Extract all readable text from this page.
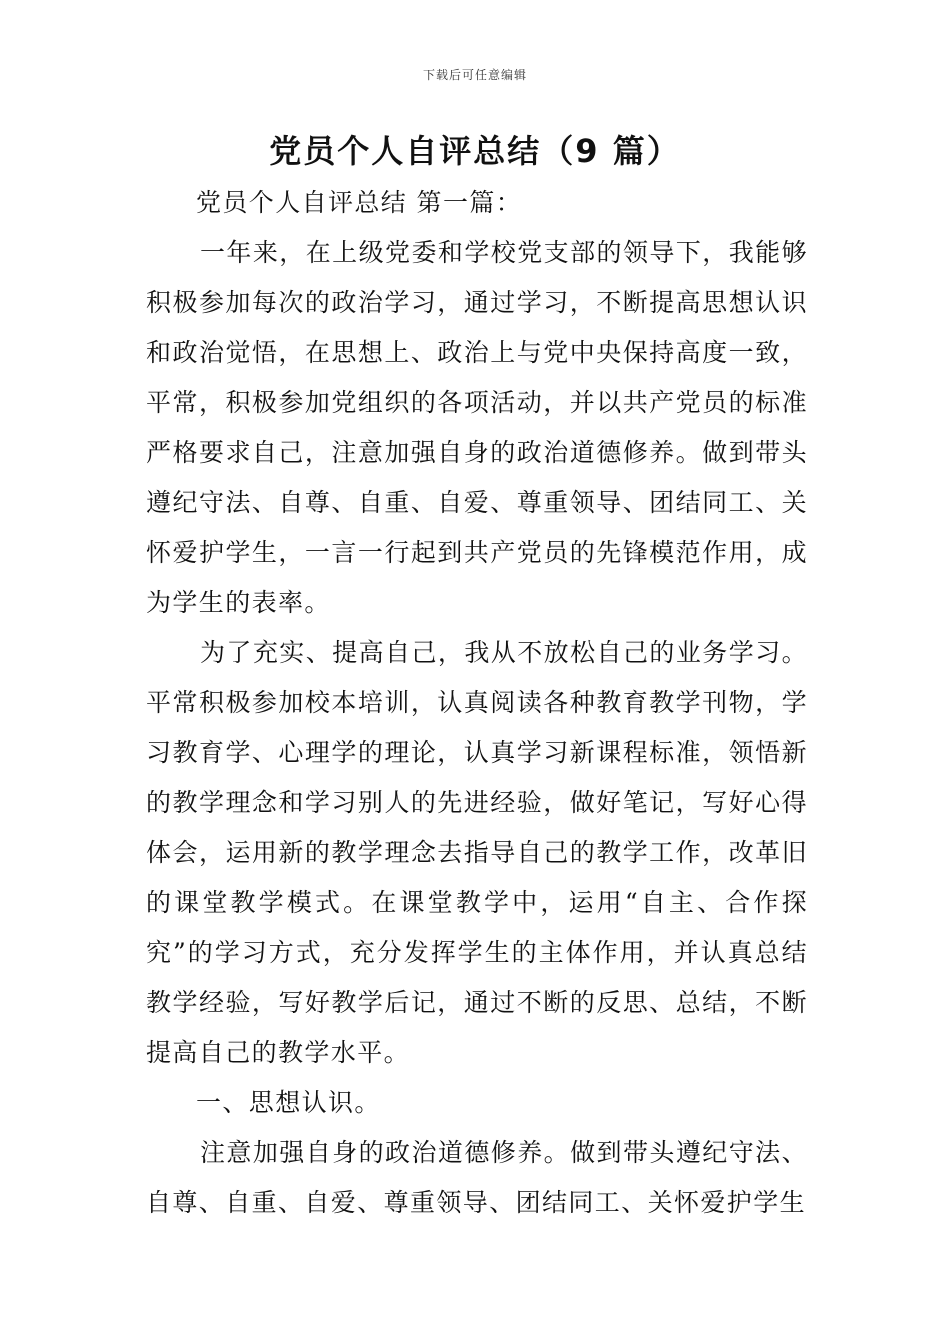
下载后可任意编辑
党员个人自评总结（9 篇）

党员个人自评总结 第一篇：

一年来，在上级党委和学校党支部的领导下，我能够积极参加每次的政治学习，通过学习，不断提高思想认识和政治觉悟，在思想上、政治上与党中央保持高度一致，平常，积极参加党组织的各项活动，并以共产党员的标准严格要求自己，注意加强自身的政治道德修养。做到带头遵纪守法、自尊、自重、自爱、尊重领导、团结同工、关怀爱护学生，一言一行起到共产党员的先锋模范作用，成为学生的表率。

为了充实、提高自己，我从不放松自己的业务学习。平常积极参加校本培训，认真阅读各种教育教学刊物，学习教育学、心理学的理论，认真学习新课程标准，领悟新的教学理念和学习别人的先进经验，做好笔记，写好心得体会，运用新的教学理念去指导自己的教学工作，改革旧的课堂教学模式。在课堂教学中，运用“自主、合作探究”的学习方式，充分发挥学生的主体作用，并认真总结教学经验，写好教学后记，通过不断的反思、总结，不断提高自己的教学水平。

一、思想认识。

注意加强自身的政治道德修养。做到带头遵纪守法、自尊、自重、自爱、尊重领导、团结同工、关怀爱护学生
